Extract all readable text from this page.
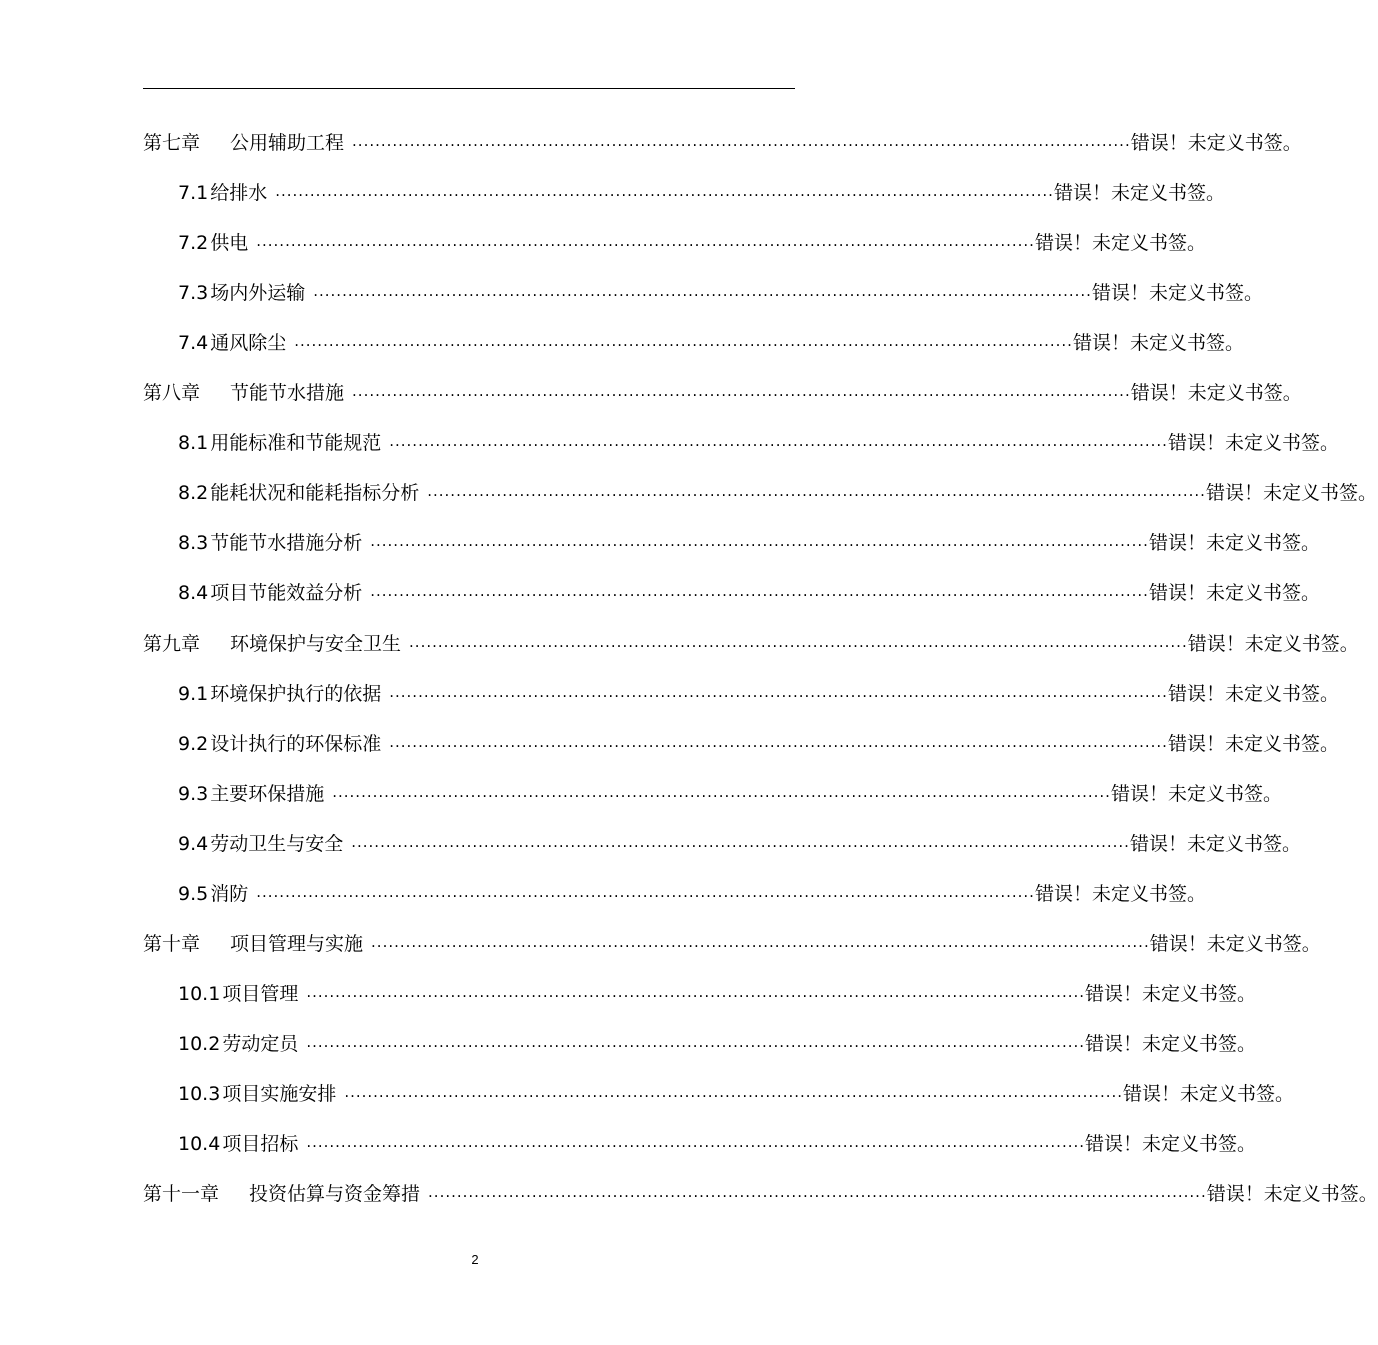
第七章 公用辅助工程 ....................................................................................................................................... 错误！未定义书签。
7.1 给排水 ....................................................................................................................................... 错误！未定义书签。
7.2 供电 ....................................................................................................................................... 错误！未定义书签。
7.3 场内外运输 ....................................................................................................................................... 错误！未定义书签。
7.4 通风除尘 ....................................................................................................................................... 错误！未定义书签。
第八章 节能节水措施 ....................................................................................................................................... 错误！未定义书签。
8.1 用能标准和节能规范 ....................................................................................................................................... 错误！未定义书签。
8.2 能耗状况和能耗指标分析 ....................................................................................................................................... 错误！未定义书签。
8.3 节能节水措施分析 ....................................................................................................................................... 错误！未定义书签。
8.4 项目节能效益分析 ....................................................................................................................................... 错误！未定义书签。
第九章 环境保护与安全卫生 ....................................................................................................................................... 错误！未定义书签。
9.1 环境保护执行的依据 ....................................................................................................................................... 错误！未定义书签。
9.2 设计执行的环保标准 ....................................................................................................................................... 错误！未定义书签。
9.3 主要环保措施 ....................................................................................................................................... 错误！未定义书签。
9.4 劳动卫生与安全 ....................................................................................................................................... 错误！未定义书签。
9.5 消防 ....................................................................................................................................... 错误！未定义书签。
第十章 项目管理与实施 ....................................................................................................................................... 错误！未定义书签。
10.1 项目管理 ....................................................................................................................................... 错误！未定义书签。
10.2 劳动定员 ....................................................................................................................................... 错误！未定义书签。
10.3 项目实施安排 ....................................................................................................................................... 错误！未定义书签。
10.4 项目招标 ....................................................................................................................................... 错误！未定义书签。
第十一章 投资估算与资金筹措 ....................................................................................................................................... 错误！未定义书签。
2
